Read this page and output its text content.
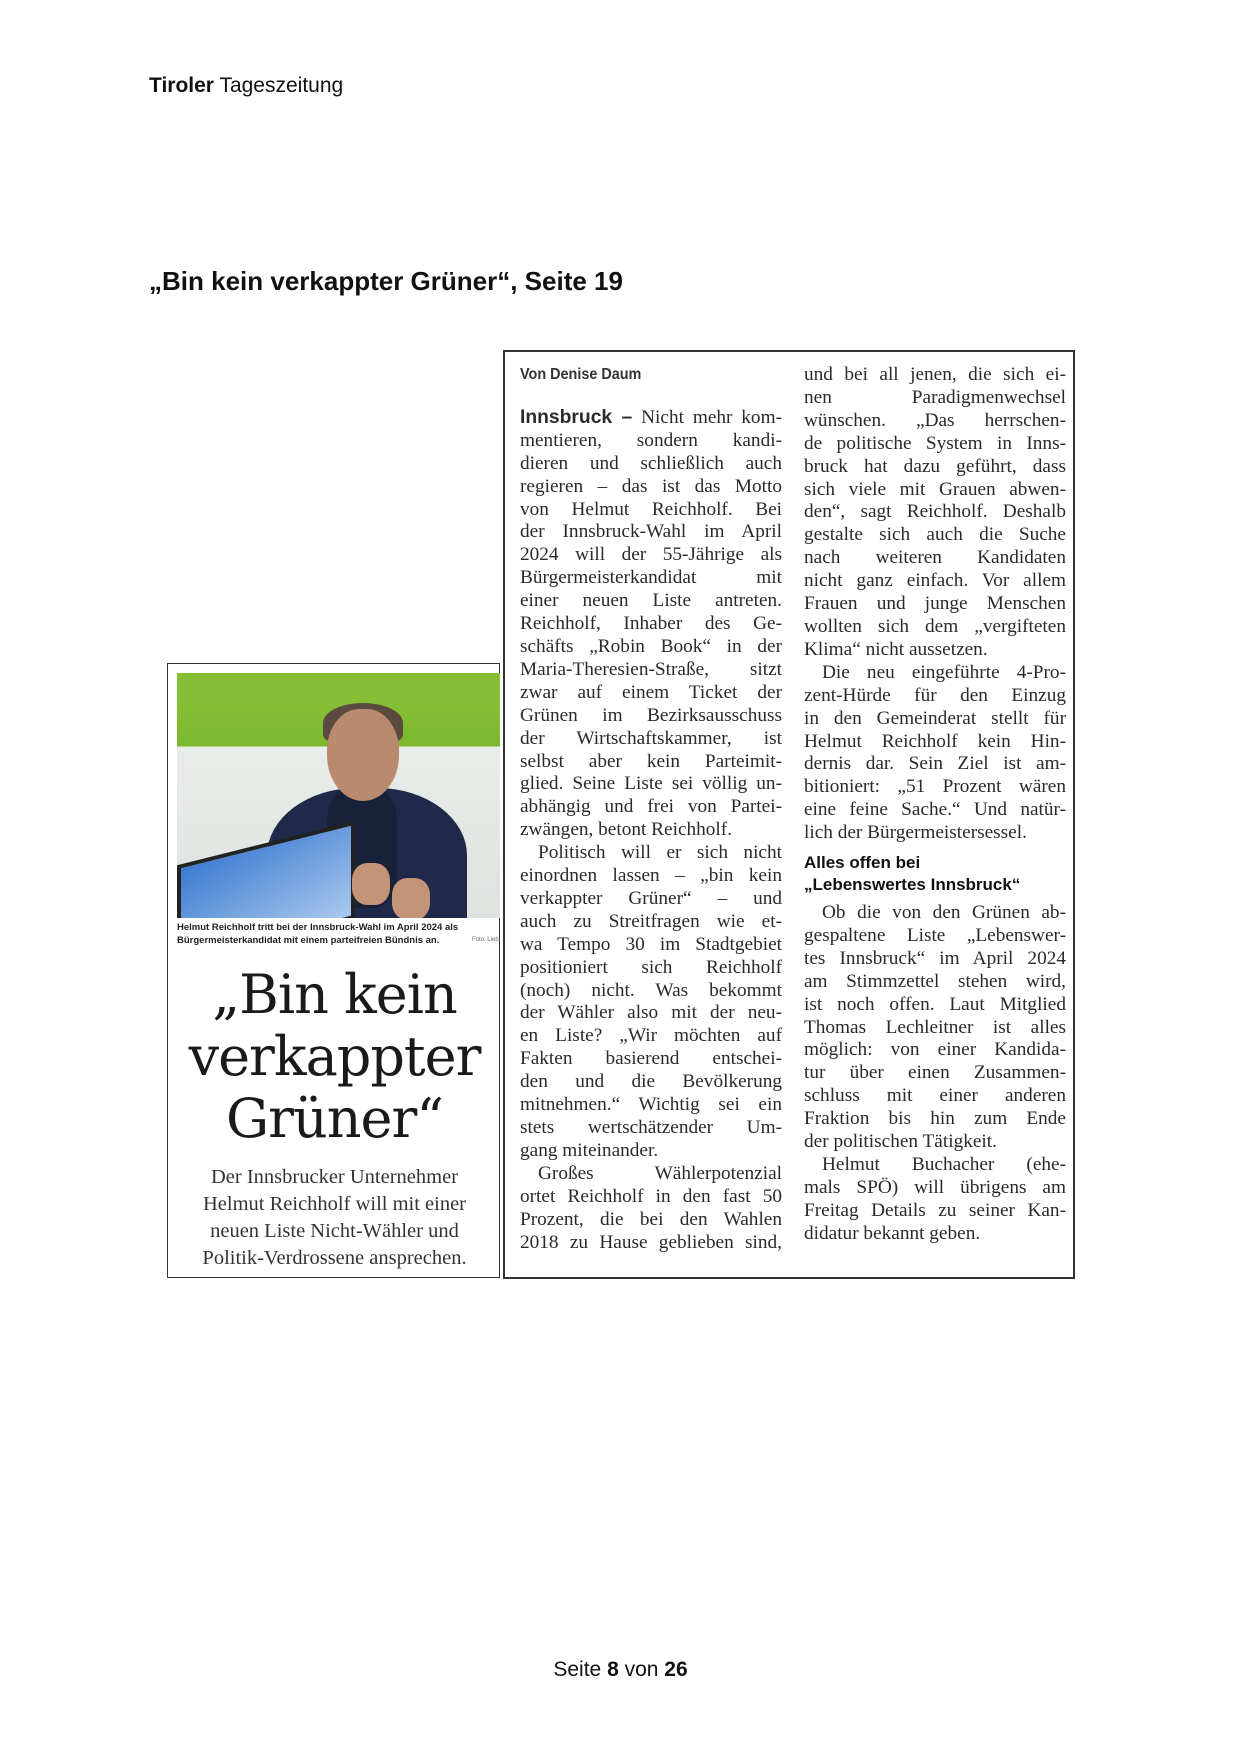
Tiroler Tageszeitung
„Bin kein verkappter Grüner“, Seite 19
Helmut Reichholf tritt bei der Innsbruck-Wahl im April 2024 als Bürgermeisterkandidat mit einem parteifreien Bündnis an.	Foto: Liebl
„Bin kein
verkappter
Grüner“
Der Innsbrucker Unternehmer
Helmut Reichholf will mit einer
neuen Liste Nicht-Wähler und
Politik-Verdrossene ansprechen.
Von Denise Daum
Innsbruck – Nicht mehr kom-
mentieren, sondern kandi-
dieren und schließlich auch
regieren – das ist das Motto
von Helmut Reichholf. Bei
der Innsbruck-Wahl im April
2024 will der 55-Jährige als
Bürgermeisterkandidat mit
einer neuen Liste antreten.
Reichholf, Inhaber des Ge-
schäfts „Robin Book“ in der
Maria-Theresien-Straße, sitzt
zwar auf einem Ticket der
Grünen im Bezirksausschuss
der Wirtschaftskammer, ist
selbst aber kein Parteimit-
glied. Seine Liste sei völlig un-
abhängig und frei von Partei-
zwängen, betont Reichholf.
Politisch will er sich nicht
einordnen lassen – „bin kein
verkappter Grüner“ – und
auch zu Streitfragen wie et-
wa Tempo 30 im Stadtgebiet
positioniert sich Reichholf
(noch) nicht. Was bekommt
der Wähler also mit der neu-
en Liste? „Wir möchten auf
Fakten basierend entschei-
den und die Bevölkerung
mitnehmen.“ Wichtig sei ein
stets wertschätzender Um-
gang miteinander.
Großes Wählerpotenzial
ortet Reichholf in den fast 50
Prozent, die bei den Wahlen
2018 zu Hause geblieben sind,
und bei all jenen, die sich ei-
nen Paradigmenwechsel
wünschen. „Das herrschen-
de politische System in Inns-
bruck hat dazu geführt, dass
sich viele mit Grauen abwen-
den“, sagt Reichholf. Deshalb
gestalte sich auch die Suche
nach weiteren Kandidaten
nicht ganz einfach. Vor allem
Frauen und junge Menschen
wollten sich dem „vergifteten
Klima“ nicht aussetzen.
Die neu eingeführte 4-Pro-
zent-Hürde für den Einzug
in den Gemeinderat stellt für
Helmut Reichholf kein Hin-
dernis dar. Sein Ziel ist am-
bitioniert: „51 Prozent wären
eine feine Sache.“ Und natür-
lich der Bürgermeistersessel.
Alles offen bei
„Lebenswertes Innsbruck“
Ob die von den Grünen ab-
gespaltene Liste „Lebenswer-
tes Innsbruck“ im April 2024
am Stimmzettel stehen wird,
ist noch offen. Laut Mitglied
Thomas Lechleitner ist alles
möglich: von einer Kandida-
tur über einen Zusammen-
schluss mit einer anderen
Fraktion bis hin zum Ende
der politischen Tätigkeit.
Helmut Buchacher (ehe-
mals SPÖ) will übrigens am
Freitag Details zu seiner Kan-
didatur bekannt geben.
Seite 8 von 26
